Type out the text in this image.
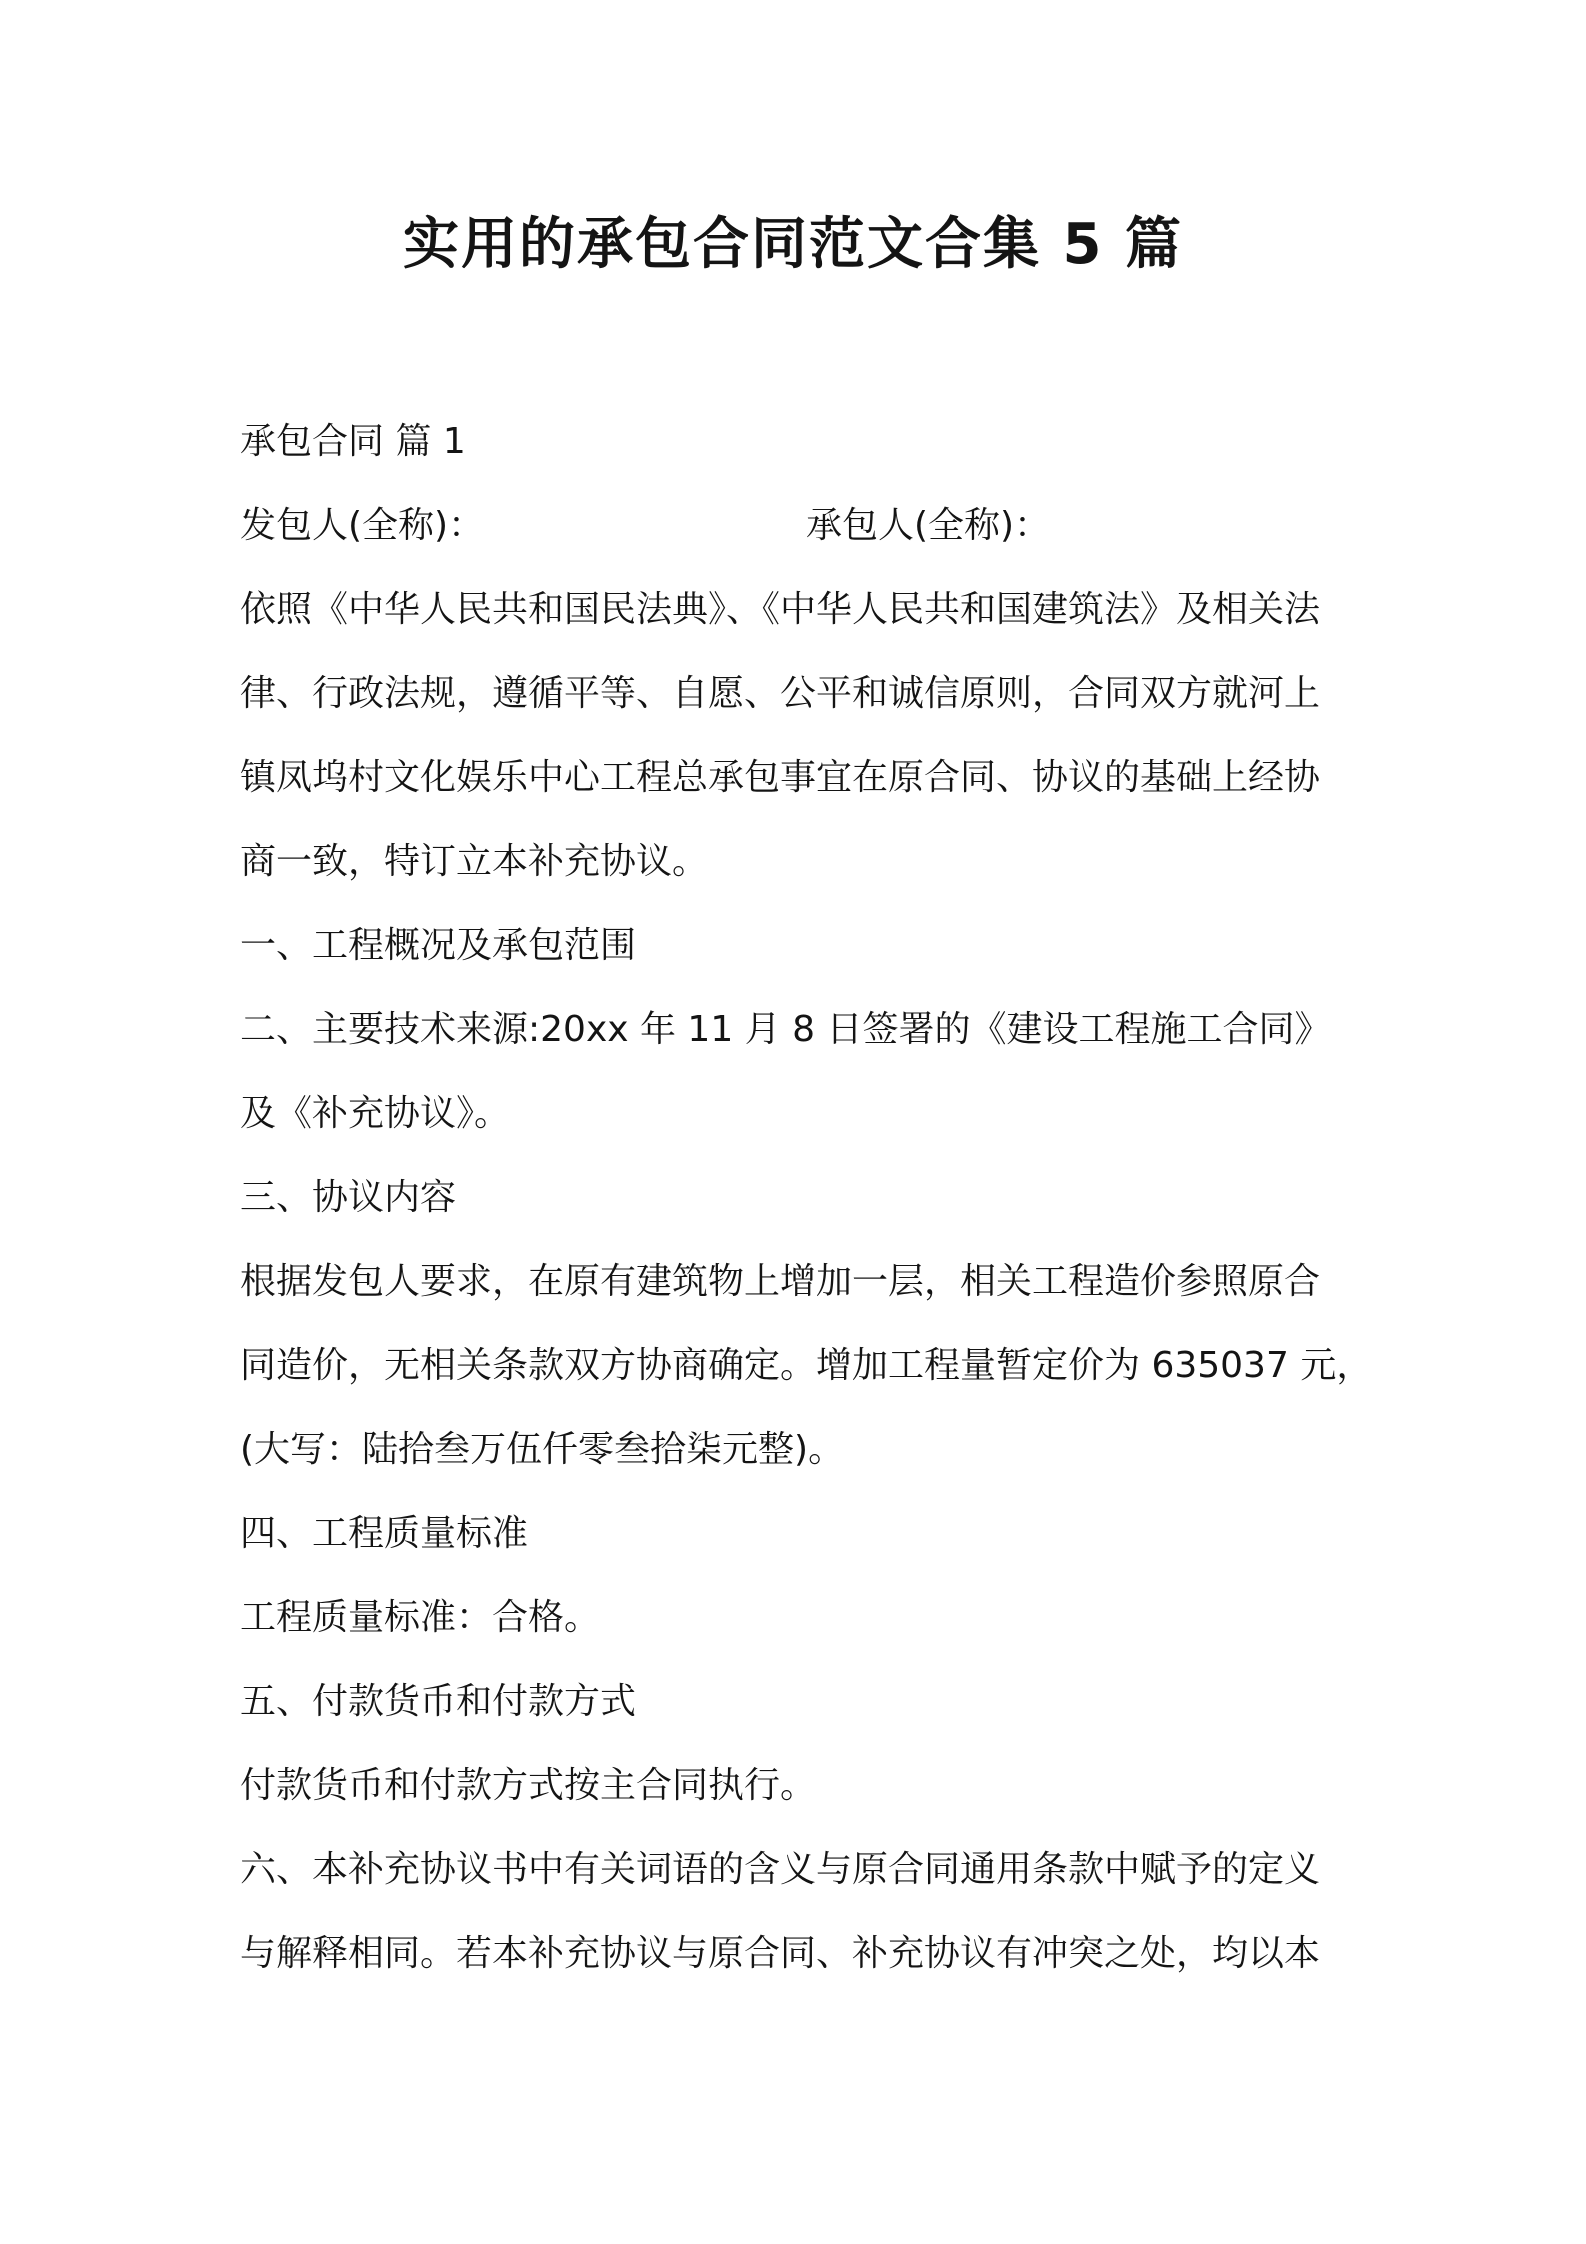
实用的承包合同范文合集 5 篇

承包合同 篇 1

发包人(全称)：	承包人(全称)：

依照《中华人民共和国民法典》、《中华人民共和国建筑法》及相关法

律、行政法规，遵循平等、自愿、公平和诚信原则，合同双方就河上

镇凤坞村文化娱乐中心工程总承包事宜在原合同、协议的基础上经协

商一致，特订立本补充协议。

一、工程概况及承包范围

二、主要技术来源:20xx 年 11 月 8 日签署的《建设工程施工合同》

及《补充协议》。

三、协议内容

根据发包人要求，在原有建筑物上增加一层，相关工程造价参照原合

同造价，无相关条款双方协商确定。增加工程量暂定价为 635037 元，

(大写：陆拾叁万伍仟零叁拾柒元整)。

四、工程质量标准

工程质量标准：合格。

五、付款货币和付款方式

付款货币和付款方式按主合同执行。

六、本补充协议书中有关词语的含义与原合同通用条款中赋予的定义

与解释相同。若本补充协议与原合同、补充协议有冲突之处，均以本
